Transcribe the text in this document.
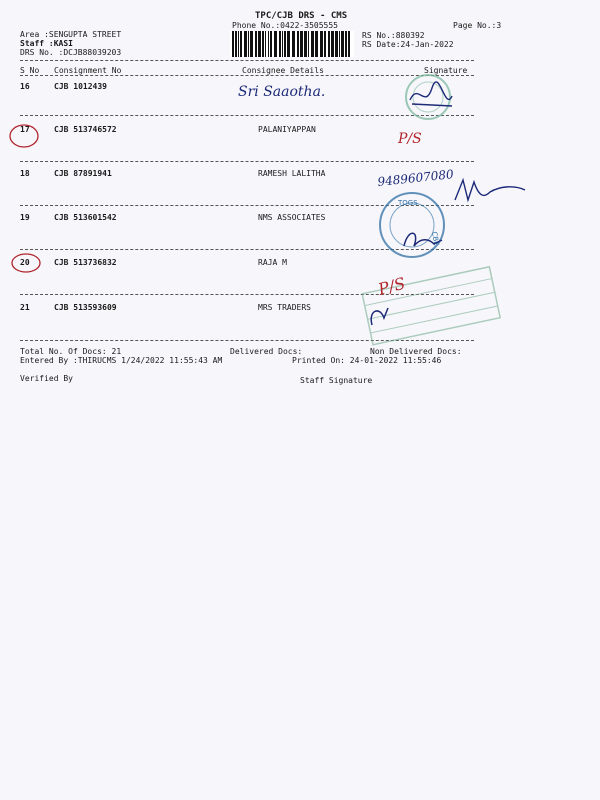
TPC/CJB DRS - CMS
Phone No.:0422-3505555	Page No.:3
Area :SENGUPTA STREET
Staff :KASI
DRS No. :DCJB88039203
RS No.:880392
RS Date:24-Jan-2022
S No Consignment No	Consignee Details	Signature
16	CJB 1012439
17	CJB 513746572	PALANIYAPPAN
18	CJB 87891941	RAMESH LALITHA
19	CJB 513601542	NMS ASSOCIATES
20	CJB 513736832	RAJA M
21	CJB 513593609	MRS TRADERS
Total No. Of Docs: 21	Delivered Docs:	Non Delivered Docs:
Entered By :THIRUCMS 1/24/2022 11:55:43 AM	Printed On: 24-01-2022 11:55:46
Verified By	Staff Signature
Sri Saaotha.
P/S
9489607080
TOGS
CBE
P/S
